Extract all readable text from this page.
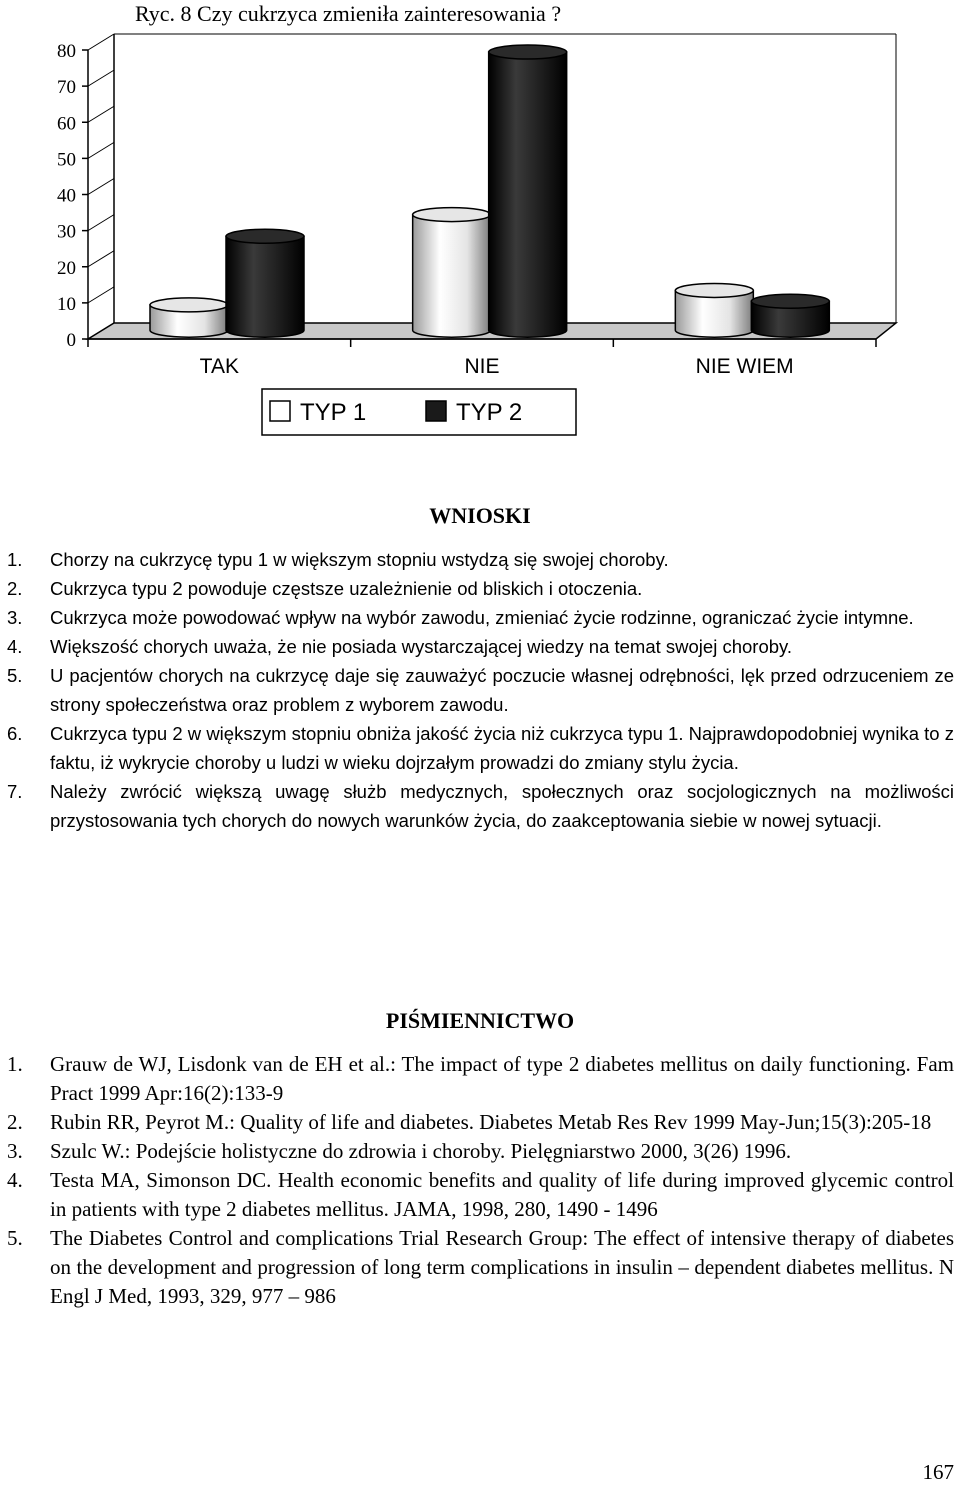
Ryc. 8 Czy cukrzyca zmieniła zainteresowania ?
0
10
20
30
40
50
60
70
80
TAK	NIE	NIE WIEM
TYP 1	TYP 2
WNIOSKI
1. Chorzy na cukrzycę typu 1 w większym stopniu wstydzą się swojej choroby.
2. Cukrzyca typu 2 powoduje częstsze uzależnienie od bliskich i otoczenia.
3. Cukrzyca może powodować wpływ na wybór zawodu, zmieniać życie rodzinne, ograniczać życie intymne.
4. Większość chorych uważa, że nie posiada wystarczającej wiedzy na temat swojej choroby.
5. U pacjentów chorych na cukrzycę daje się zauważyć poczucie własnej odrębności, lęk przed odrzuceniem ze strony społeczeństwa oraz problem z wyborem zawodu.
6. Cukrzyca typu 2 w większym stopniu obniża jakość życia niż cukrzyca typu 1. Najprawdopodobniej wynika to z faktu, iż wykrycie choroby u ludzi w wieku dojrzałym prowadzi do zmiany stylu życia.
7. Należy zwrócić większą uwagę służb medycznych, społecznych oraz socjologicznych na możliwości przystosowania tych chorych do nowych warunków życia, do zaakceptowania siebie w nowej sytuacji.
PIŚMIENNICTWO
1. Grauw de WJ, Lisdonk van de EH et al.: The impact of type 2 diabetes mellitus on daily functioning. Fam Pract 1999 Apr:16(2):133-9
2. Rubin RR, Peyrot M.: Quality of life and diabetes. Diabetes Metab Res Rev 1999 May-Jun;15(3):205-18
3. Szulc W.: Podejście holistyczne do zdrowia i choroby. Pielęgniarstwo 2000, 3(26) 1996.
4. Testa MA, Simonson DC. Health economic benefits and quality of life during improved glycemic control in patients with type 2 diabetes mellitus. JAMA, 1998, 280, 1490 - 1496
5. The Diabetes Control and complications Trial Research Group: The effect of intensive therapy of diabetes on the development and progression of long term complications in insulin – dependent diabetes mellitus. N Engl J Med, 1993, 329, 977 – 986
167
